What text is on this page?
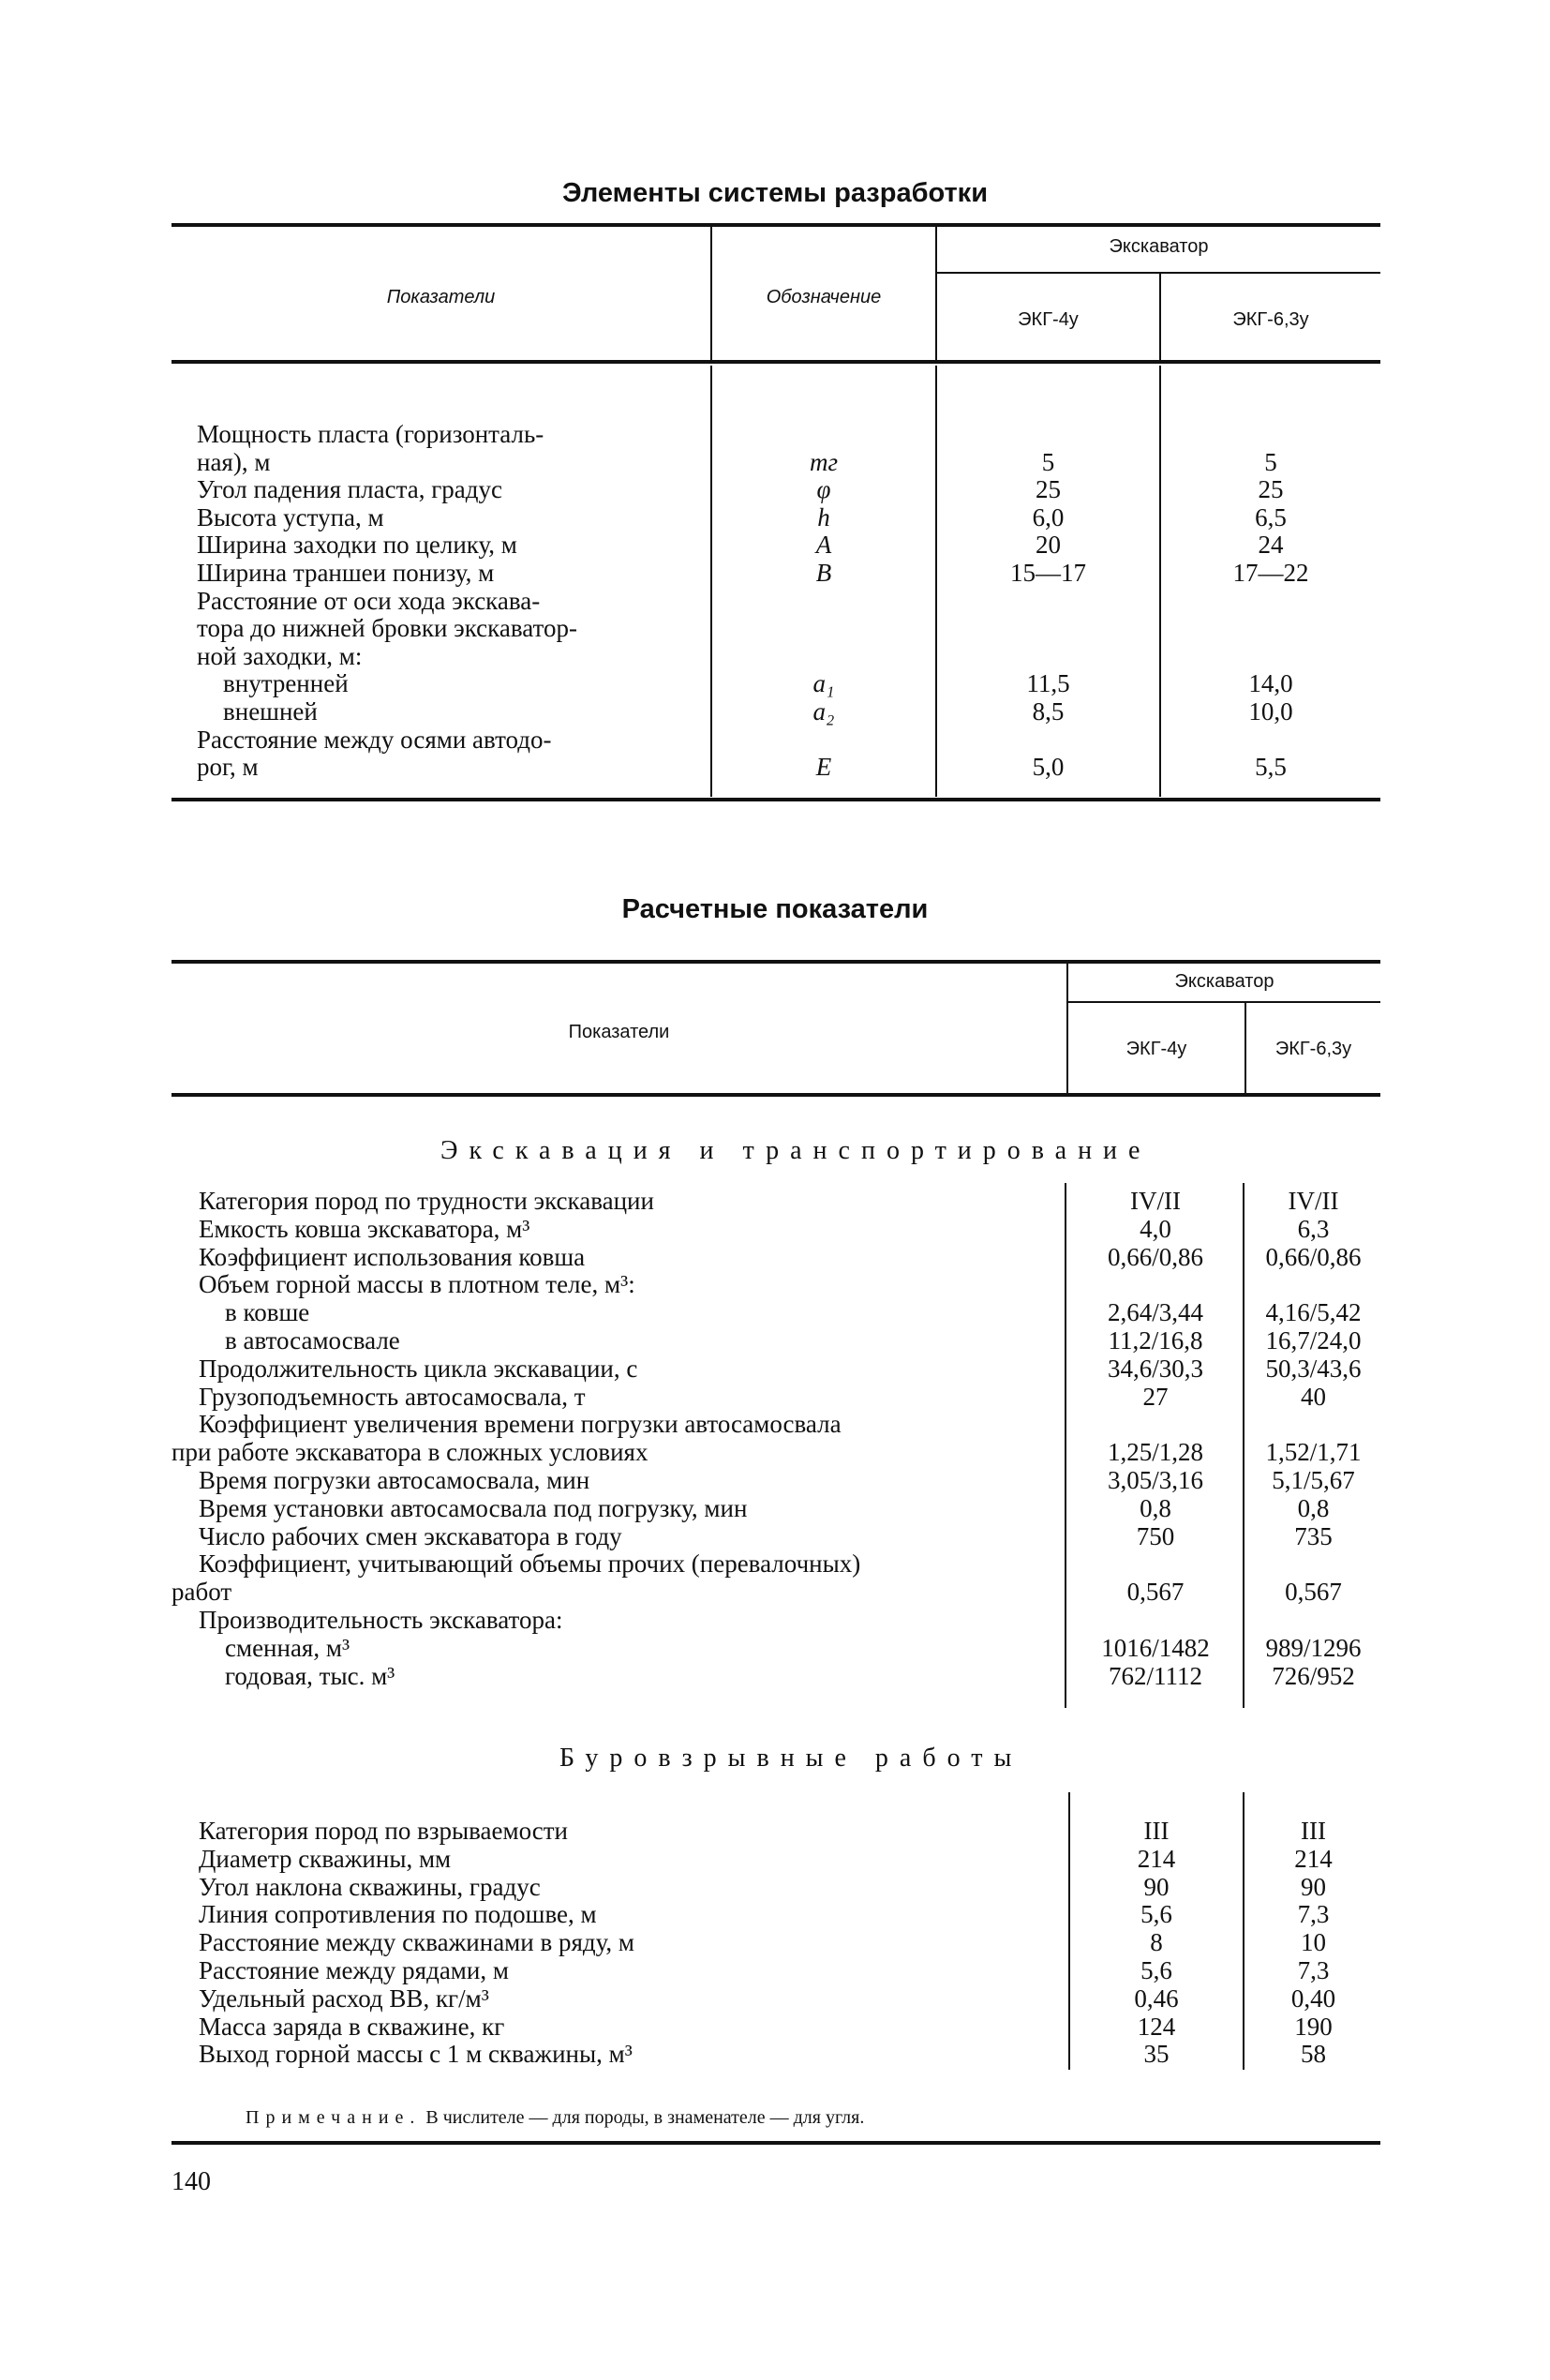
Элементы системы разработки
Показатели	Обозначение
Экскаватор
ЭКГ-4у	ЭКГ-6,3у
Мощность пласта (горизонталь-
ная), м	mг	5	5
Угол падения пласта, градус	φ	25	25
Высота уступа, м	h	6,0	6,5
Ширина заходки по целику, м	А	20	24
Ширина траншеи понизу, м	В	15—17	17—22
Расстояние от оси хода экскава-
тора до нижней бровки экскаватор-
ной заходки, м:
внутренней	a₁	11,5	14,0
внешней	a₂	8,5	10,0
Расстояние между осями автодо-
рог, м	Е	5,0	5,5
Расчетные показатели
Показатели
Экскаватор
ЭКГ-4у	ЭКГ-6,3у
Экскавация и транспортирование
Категория пород по трудности экскавации	IV/II	IV/II
Емкость ковша экскаватора, м³	4,0	6,3
Коэффициент использования ковша	0,66/0,86	0,66/0,86
Объем горной массы в плотном теле, м³:
в ковше	2,64/3,44	4,16/5,42
в автосамосвале	11,2/16,8	16,7/24,0
Продолжительность цикла экскавации, с	34,6/30,3	50,3/43,6
Грузоподъемность автосамосвала, т	27	40
Коэффициент увеличения времени погрузки автосамосвала
при работе экскаватора в сложных условиях	1,25/1,28	1,52/1,71
Время погрузки автосамосвала, мин	3,05/3,16	5,1/5,67
Время установки автосамосвала под погрузку, мин	0,8	0,8
Число рабочих смен экскаватора в году	750	735
Коэффициент, учитывающий объемы прочих (перевалочных)
работ	0,567	0,567
Производительность экскаватора:
сменная, м³	1016/1482	989/1296
годовая, тыс. м³	762/1112	726/952
Буровзрывные работы
Категория пород по взрываемости	III	III
Диаметр скважины, мм	214	214
Угол наклона скважины, градус	90	90
Линия сопротивления по подошве, м	5,6	7,3
Расстояние между скважинами в ряду, м	8	10
Расстояние между рядами, м	5,6	7,3
Удельный расход ВВ, кг/м³	0,46	0,40
Масса заряда в скважине, кг	124	190
Выход горной массы с 1 м скважины, м³	35	58
Примечание. В числителе — для породы, в знаменателе — для угля.
140
